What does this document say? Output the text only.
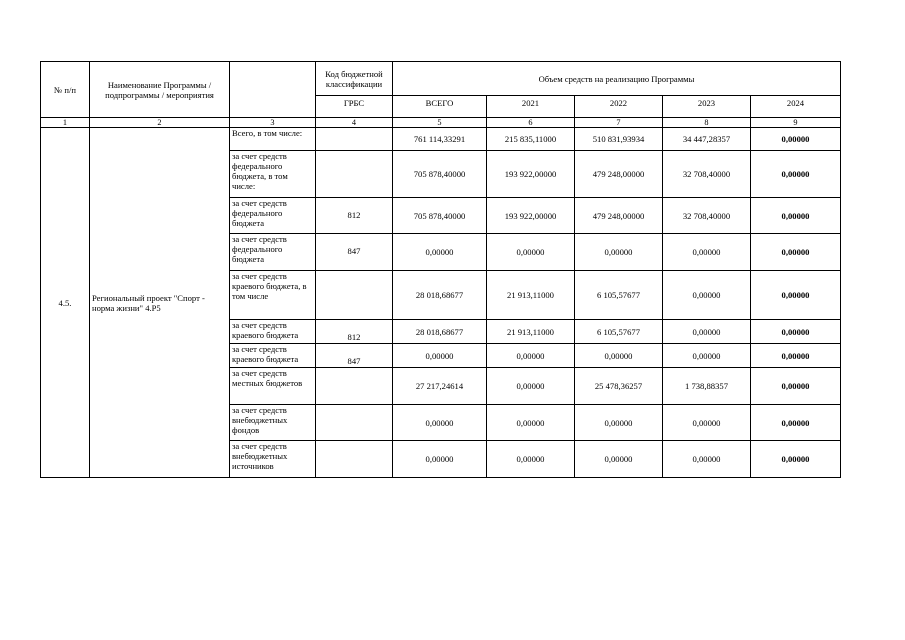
№ п/п	Наименование Программы / подпрограммы / мероприятия		Код бюджетной классификации	Объем средств на реализацию Программы				
			ГРБС	ВСЕГО	2021	2022	2023	2024
1	2	3	4	5	6	7	8	9
4.5.	Региональный проект "Спорт - норма жизни" 4.P5	Всего, в том числе:		761 114,33291	215 835,11000	510 831,93934	34 447,28357	0,00000
		за счет средств федерального бюджета, в том числе:		705 878,40000	193 922,00000	479 248,00000	32 708,40000	0,00000
		за счет средств федерального бюджета	812	705 878,40000	193 922,00000	479 248,00000	32 708,40000	0,00000
		за счет средств федерального бюджета	847	0,00000	0,00000	0,00000	0,00000	0,00000
		за счет средств краевого бюджета, в том числе		28 018,68677	21 913,11000	6 105,57677	0,00000	0,00000
		за счет средств краевого бюджета	812	28 018,68677	21 913,11000	6 105,57677	0,00000	0,00000
		за счет средств краевого бюджета	847	0,00000	0,00000	0,00000	0,00000	0,00000
		за счет средств местных бюджетов		27 217,24614	0,00000	25 478,36257	1 738,88357	0,00000
		за счет средств внебюджетных фондов		0,00000	0,00000	0,00000	0,00000	0,00000
		за счет средств внебюджетных источников		0,00000	0,00000	0,00000	0,00000	0,00000
